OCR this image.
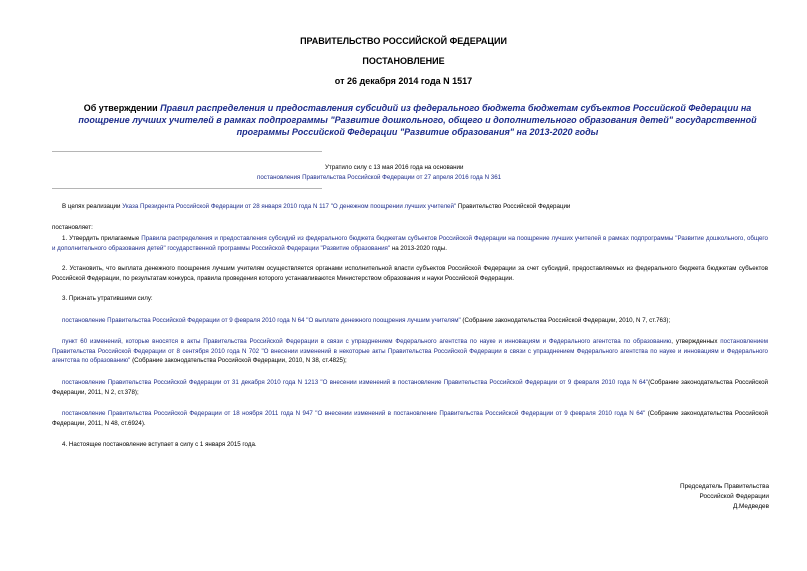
ПРАВИТЕЛЬСТВО РОССИЙСКОЙ ФЕДЕРАЦИИ
ПОСТАНОВЛЕНИЕ
от 26 декабря 2014 года N 1517
Об утверждении Правил распределения и предоставления субсидий из федерального бюджета бюджетам субъектов Российской Федерации на поощрение лучших учителей в рамках подпрограммы "Развитие дошкольного, общего и дополнительного образования детей" государственной программы Российской Федерации "Развитие образования" на 2013-2020 годы
Утратило силу с 13 мая 2016 года на основании
постановления Правительства Российской Федерации от 27 апреля 2016 года N 361
В целях реализации Указа Президента Российской Федерации от 28 января 2010 года N 117 "О денежном поощрении лучших учителей" Правительство Российской Федерации
постановляет:
1. Утвердить прилагаемые Правила распределения и предоставления субсидий из федерального бюджета бюджетам субъектов Российской Федерации на поощрение лучших учителей в рамках подпрограммы "Развитие дошкольного, общего и дополнительного образования детей" государственной программы Российской Федерации "Развитие образования" на 2013-2020 годы.
2. Установить, что выплата денежного поощрения лучшим учителям осуществляется органами исполнительной власти субъектов Российской Федерации за счет субсидий, предоставляемых из федерального бюджета бюджетам субъектов Российской Федерации, по результатам конкурса, правила проведения которого устанавливаются Министерством образования и науки Российской Федерации.
3. Признать утратившими силу:
постановление Правительства Российской Федерации от 9 февраля 2010 года N 64 "О выплате денежного поощрения лучшим учителям" (Собрание законодательства Российской Федерации, 2010, N 7, ст.763);
пункт 60 изменений, которые вносятся в акты Правительства Российской Федерации в связи с упразднением Федерального агентства по науке и инновациям и Федерального агентства по образованию, утвержденных постановлением Правительства Российской Федерации от 8 сентября 2010 года N 702 "О внесении изменений в некоторые акты Правительства Российской Федерации в связи с упразднением Федерального агентства по науке и инновациям и Федерального агентства по образованию" (Собрание законодательства Российской Федерации, 2010, N 38, ст.4825);
постановление Правительства Российской Федерации от 31 декабря 2010 года N 1213 "О внесении изменений в постановление Правительства Российской Федерации от 9 февраля 2010 года N 64"(Собрание законодательства Российской Федерации, 2011, N 2, ст.378);
постановление Правительства Российской Федерации от 18 ноября 2011 года N 947 "О внесении изменений в постановление Правительства Российской Федерации от 9 февраля 2010 года N 64" (Собрание законодательства Российской Федерации, 2011, N 48, ст.6924).
4. Настоящее постановление вступает в силу с 1 января 2015 года.
Председатель Правительства
Российской Федерации
Д.Медведев
